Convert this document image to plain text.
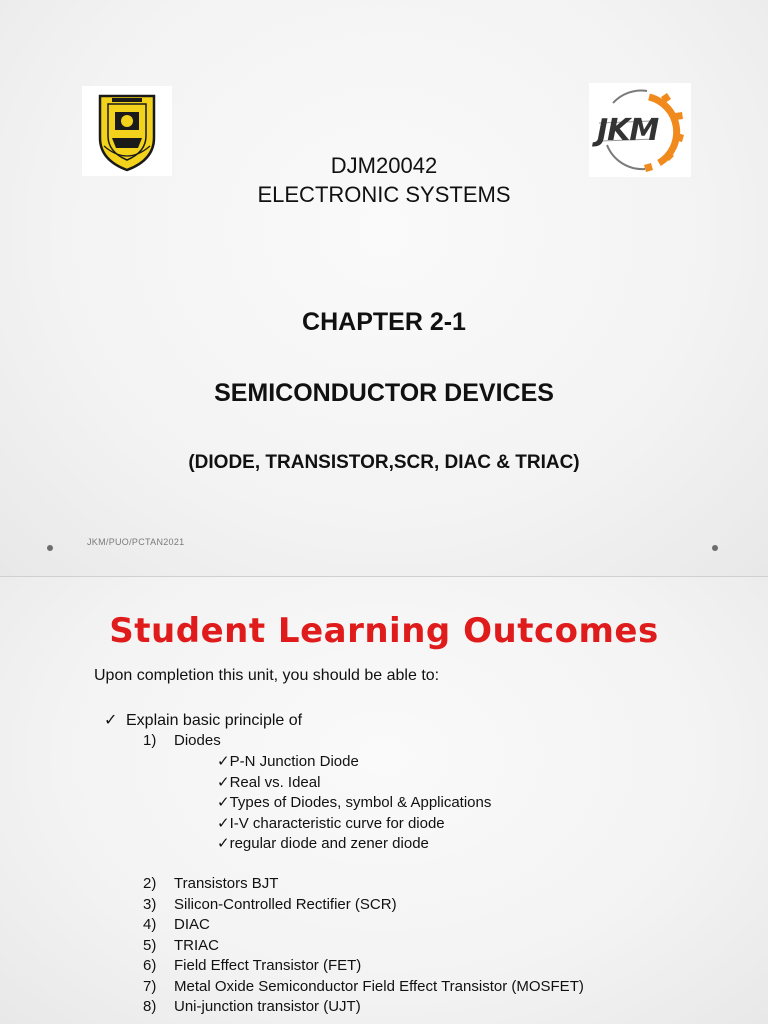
JKM
DJM20042
ELECTRONIC SYSTEMS
CHAPTER 2-1
SEMICONDUCTOR DEVICES
(DIODE, TRANSISTOR,SCR, DIAC & TRIAC)
JKM/PUO/PCTAN2021
Student Learning Outcomes
Upon completion this unit, you should be able to:
✓ Explain basic principle of
1) Diodes
✓P-N Junction Diode
✓Real vs. Ideal
✓Types of Diodes, symbol & Applications
✓I-V characteristic curve for diode
✓regular diode and zener diode
2) Transistors BJT
3) Silicon-Controlled Rectifier (SCR)
4) DIAC
5) TRIAC
6) Field Effect Transistor (FET)
7) Metal Oxide Semiconductor Field Effect Transistor (MOSFET)
8) Uni-junction transistor (UJT)
